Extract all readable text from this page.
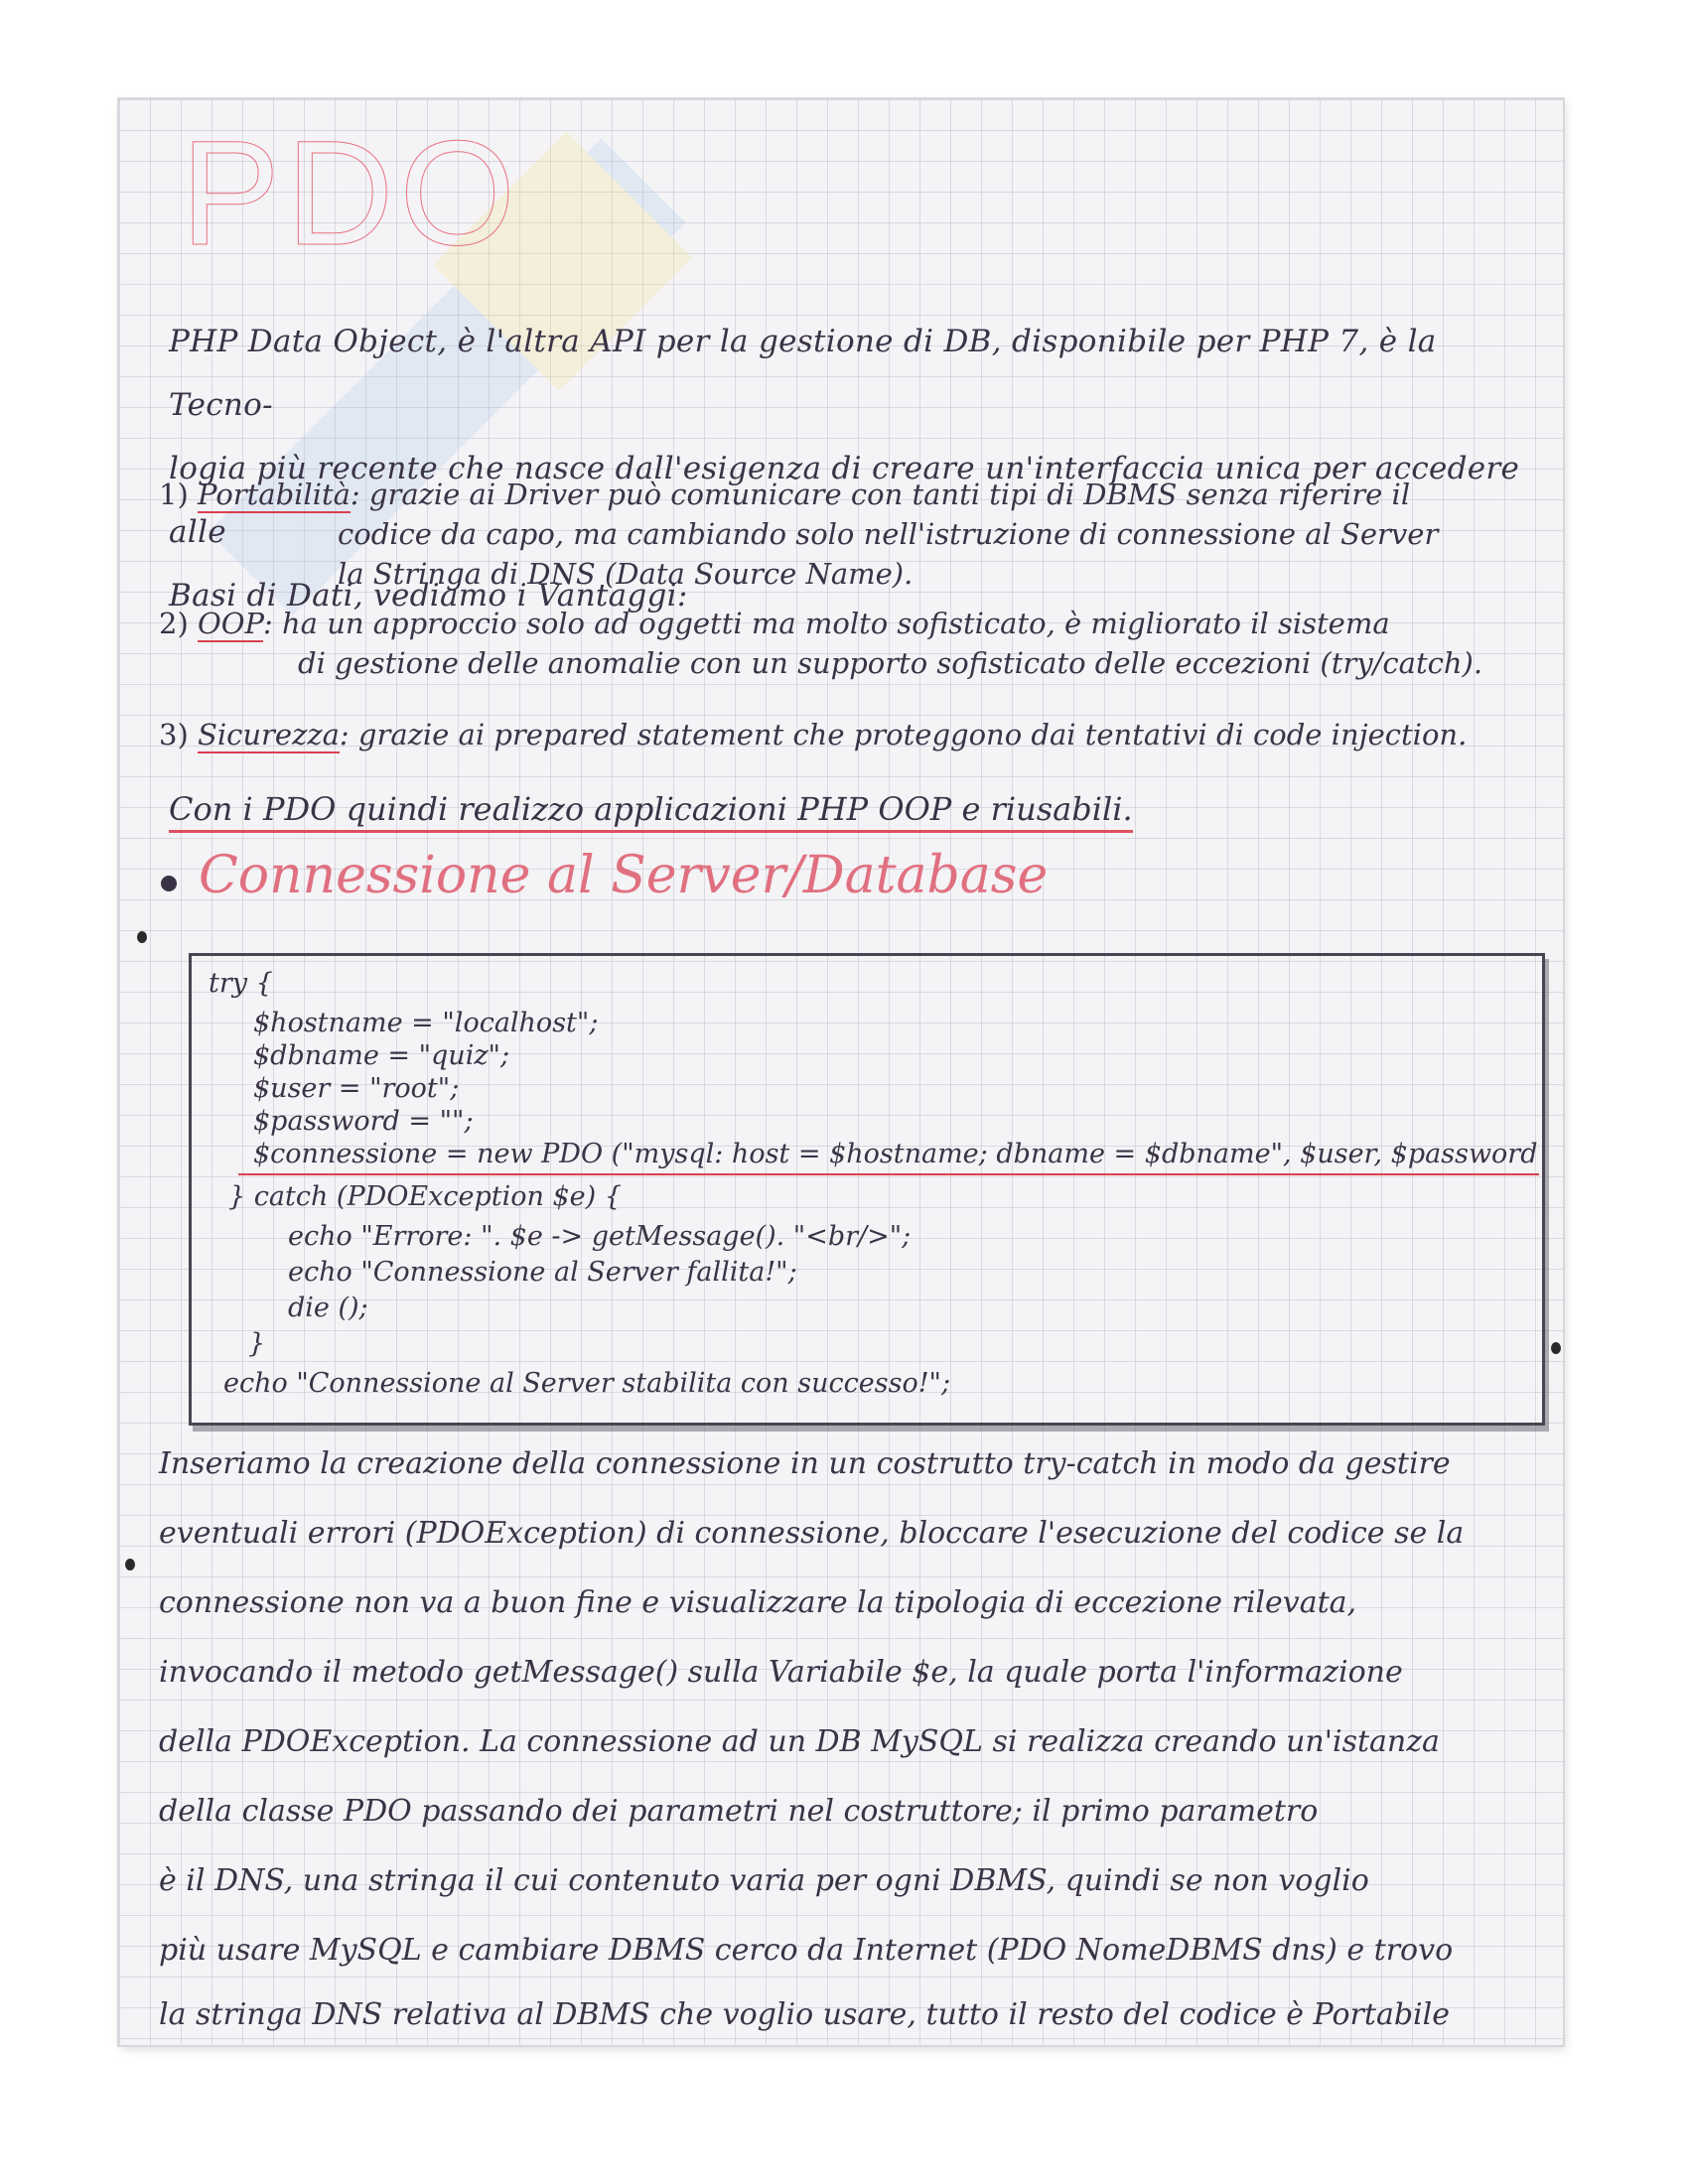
PDO
PHP Data Object, è l'altra API per la gestione di DB, disponibile per PHP 7, è la Tecno-
logia più recente che nasce dall'esigenza di creare un'interfaccia unica per accedere alle
Basi di Dati, vediamo i Vantaggi:
1) Portabilità: grazie ai Driver può comunicare con tanti tipi di DBMS senza riferire il
codice da capo, ma cambiando solo nell'istruzione di connessione al Server
la Stringa di DNS (Data Source Name).
2) OOP: ha un approccio solo ad oggetti ma molto sofisticato, è migliorato il sistema
di gestione delle anomalie con un supporto sofisticato delle eccezioni (try/catch).
3) Sicurezza: grazie ai prepared statement che proteggono dai tentativi di code injection.
Con i PDO quindi realizzo applicazioni PHP OOP e riusabili.
Connessione al Server/Database
try {
$hostname = "localhost";
$dbname = "quiz";
$user = "root";
$password = "";
$connessione = new PDO ("mysql: host = $hostname; dbname = $dbname", $user, $password
} catch (PDOException $e) {
echo "Errore: ". $e -> getMessage(). "<br/>";
echo "Connessione al Server fallita!";
die ();
}
echo "Connessione al Server stabilita con successo!";
Inseriamo la creazione della connessione in un costrutto try-catch in modo da gestire
eventuali errori (PDOException) di connessione, bloccare l'esecuzione del codice se la
connessione non va a buon fine e visualizzare la tipologia di eccezione rilevata,
invocando il metodo getMessage() sulla Variabile $e, la quale porta l'informazione
della PDOException. La connessione ad un DB MySQL si realizza creando un'istanza
della classe PDO passando dei parametri nel costruttore; il primo parametro
è il DNS, una stringa il cui contenuto varia per ogni DBMS, quindi se non voglio
più usare MySQL e cambiare DBMS cerco da Internet (PDO NomeDBMS dns) e trovo
la stringa DNS relativa al DBMS che voglio usare, tutto il resto del codice è Portabile
